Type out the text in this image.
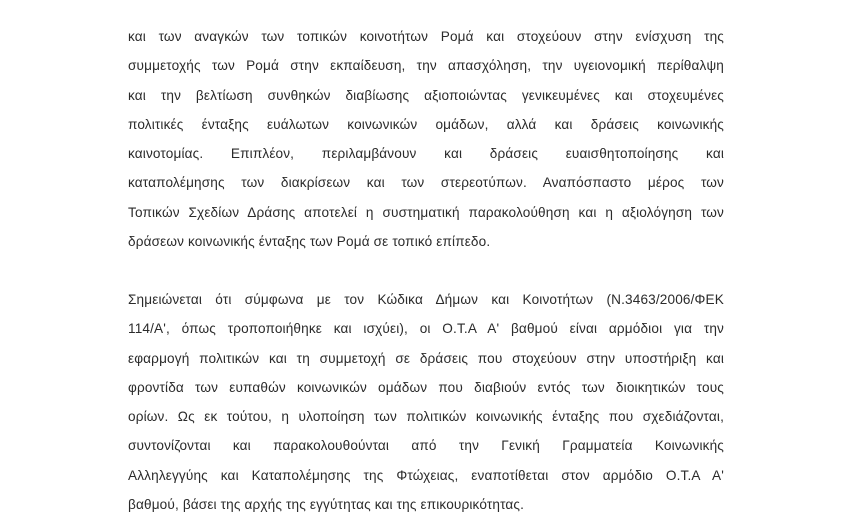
και των αναγκών των τοπικών κοινοτήτων Ρομά και στοχεύουν στην ενίσχυση της
συμμετοχής των Ρομά στην εκπαίδευση, την απασχόληση, την υγειονομική περίθαλψη
και την βελτίωση συνθηκών διαβίωσης αξιοποιώντας γενικευμένες και στοχευμένες
πολιτικές ένταξης ευάλωτων κοινωνικών ομάδων, αλλά και δράσεις κοινωνικής
καινοτομίας. Επιπλέον, περιλαμβάνουν και δράσεις ευαισθητοποίησης και
καταπολέμησης των διακρίσεων και των στερεοτύπων. Αναπόσπαστο μέρος των
Τοπικών Σχεδίων Δράσης αποτελεί η συστηματική παρακολούθηση και η αξιολόγηση των
δράσεων κοινωνικής ένταξης των Ρομά σε τοπικό επίπεδο.

Σημειώνεται ότι σύμφωνα με τον Κώδικα Δήμων και Κοινοτήτων (Ν.3463/2006/ΦΕΚ
114/Α', όπως τροποποιήθηκε και ισχύει), οι Ο.Τ.Α Α' βαθμού είναι αρμόδιοι για την
εφαρμογή πολιτικών και τη συμμετοχή σε δράσεις που στοχεύουν στην υποστήριξη και
φροντίδα των ευπαθών κοινωνικών ομάδων που διαβιούν εντός των διοικητικών τους
ορίων. Ως εκ τούτου, η υλοποίηση των πολιτικών κοινωνικής ένταξης που σχεδιάζονται,
συντονίζονται και παρακολουθούνται από την Γενική Γραμματεία Κοινωνικής
Αλληλεγγύης και Καταπολέμησης της Φτώχειας, εναποτίθεται στον αρμόδιο Ο.Τ.Α Α'
βαθμού, βάσει της αρχής της εγγύτητας και της επικουρικότητας.
